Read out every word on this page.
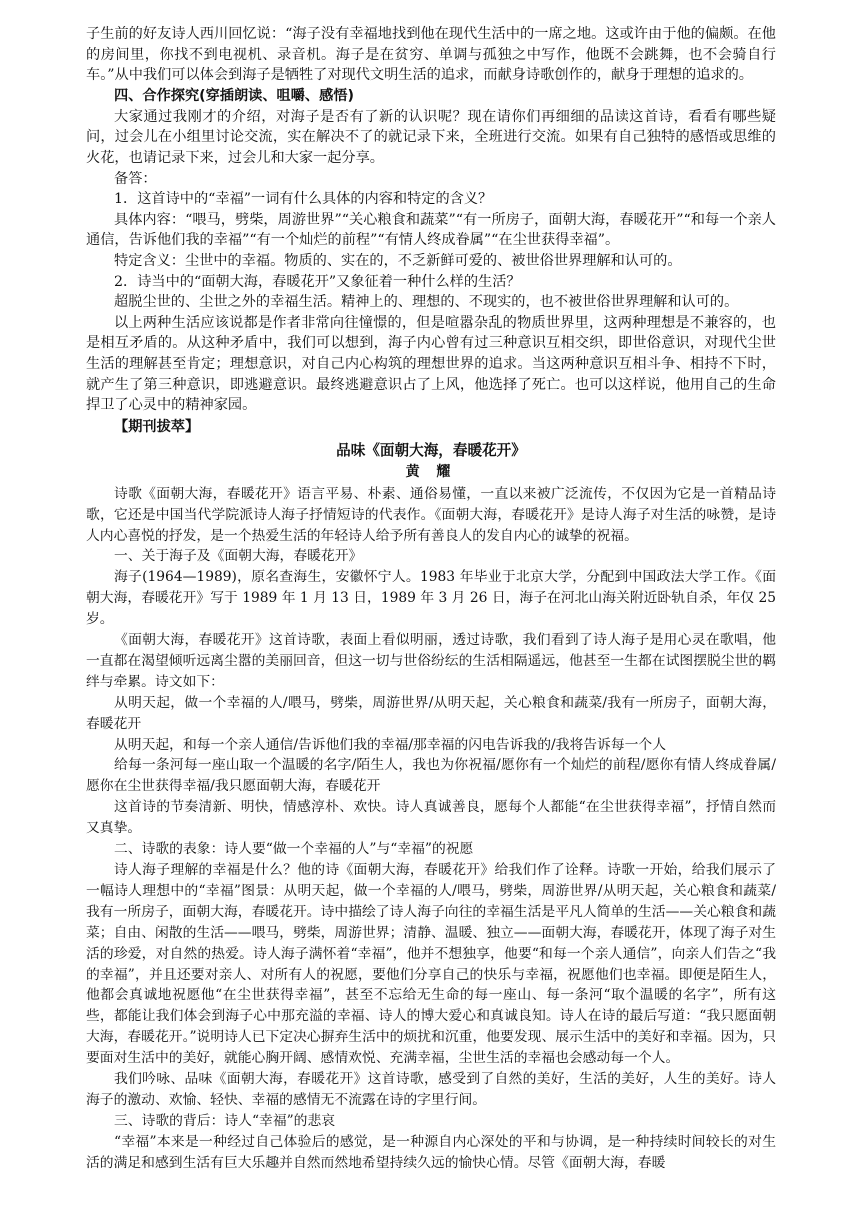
子生前的好友诗人西川回忆说：“海子没有幸福地找到他在现代生活中的一席之地。这或许由于他的偏颇。在他的房间里，你找不到电视机、录音机。海子是在贫穷、单调与孤独之中写作，他既不会跳舞，也不会骑自行车。”从中我们可以体会到海子是牺牲了对现代文明生活的追求，而献身诗歌创作的，献身于理想的追求的。

四、合作探究(穿插朗读、咀嚼、感悟)

大家通过我刚才的介绍，对海子是否有了新的认识呢？现在请你们再细细的品读这首诗，看看有哪些疑问，过会儿在小组里讨论交流，实在解决不了的就记录下来，全班进行交流。如果有自己独特的感悟或思维的火花，也请记录下来，过会儿和大家一起分享。

备答：

1．这首诗中的“幸福”一词有什么具体的内容和特定的含义？

具体内容：“喂马，劈柴，周游世界”“关心粮食和蔬菜”“有一所房子，面朝大海，春暖花开”“和每一个亲人通信，告诉他们我的幸福”“有一个灿烂的前程”“有情人终成眷属”“在尘世获得幸福”。

特定含义：尘世中的幸福。物质的、实在的，不乏新鲜可爱的、被世俗世界理解和认可的。

2．诗当中的“面朝大海，春暖花开”又象征着一种什么样的生活？

超脱尘世的、尘世之外的幸福生活。精神上的、理想的、不现实的，也不被世俗世界理解和认可的。

以上两种生活应该说都是作者非常向往憧憬的，但是喧嚣杂乱的物质世界里，这两种理想是不兼容的，也是相互矛盾的。从这种矛盾中，我们可以想到，海子内心曾有过三种意识互相交织，即世俗意识，对现代尘世生活的理解甚至肯定；理想意识，对自己内心构筑的理想世界的追求。当这两种意识互相斗争、相持不下时，就产生了第三种意识，即逃避意识。最终逃避意识占了上风，他选择了死亡。也可以这样说，他用自己的生命捍卫了心灵中的精神家园。

【期刊拔萃】

品味《面朝大海，春暖花开》

黄 耀

诗歌《面朝大海，春暖花开》语言平易、朴素、通俗易懂，一直以来被广泛流传，不仅因为它是一首精品诗歌，它还是中国当代学院派诗人海子抒情短诗的代表作。《面朝大海，春暖花开》是诗人海子对生活的咏赞，是诗人内心喜悦的抒发，是一个热爱生活的年轻诗人给予所有善良人的发自内心的诚挚的祝福。

一、关于海子及《面朝大海，春暖花开》

海子(1964—1989)，原名查海生，安徽怀宁人。1983 年毕业于北京大学，分配到中国政法大学工作。《面朝大海，春暖花开》写于 1989 年 1 月 13 日，1989 年 3 月 26 日，海子在河北山海关附近卧轨自杀，年仅 25 岁。

《面朝大海，春暖花开》这首诗歌，表面上看似明丽，透过诗歌，我们看到了诗人海子是用心灵在歌唱，他一直都在渴望倾听远离尘嚣的美丽回音，但这一切与世俗纷纭的生活相隔遥远，他甚至一生都在试图摆脱尘世的羁绊与牵累。诗文如下：

从明天起，做一个幸福的人/喂马，劈柴，周游世界/从明天起，关心粮食和蔬菜/我有一所房子，面朝大海，春暖花开

从明天起，和每一个亲人通信/告诉他们我的幸福/那幸福的闪电告诉我的/我将告诉每一个人

给每一条河每一座山取一个温暖的名字/陌生人，我也为你祝福/愿你有一个灿烂的前程/愿你有情人终成眷属/愿你在尘世获得幸福/我只愿面朝大海，春暖花开

这首诗的节奏清新、明快，情感淳朴、欢快。诗人真诚善良，愿每个人都能“在尘世获得幸福”，抒情自然而又真挚。

二、诗歌的表象：诗人要“做一个幸福的人”与“幸福”的祝愿

诗人海子理解的幸福是什么？他的诗《面朝大海，春暖花开》给我们作了诠释。诗歌一开始，给我们展示了一幅诗人理想中的“幸福”图景：从明天起，做一个幸福的人/喂马，劈柴，周游世界/从明天起，关心粮食和蔬菜/我有一所房子，面朝大海，春暖花开。诗中描绘了诗人海子向往的幸福生活是平凡人简单的生活——关心粮食和蔬菜；自由、闲散的生活——喂马，劈柴，周游世界；清静、温暖、独立——面朝大海，春暖花开，体现了海子对生活的珍爱，对自然的热爱。诗人海子满怀着“幸福”，他并不想独享，他要“和每一个亲人通信”，向亲人们告之“我的幸福”，并且还要对亲人、对所有人的祝愿，要他们分享自己的快乐与幸福，祝愿他们也幸福。即便是陌生人，他都会真诚地祝愿他“在尘世获得幸福”，甚至不忘给无生命的每一座山、每一条河“取个温暖的名字”，所有这些，都能让我们体会到海子心中那充溢的幸福、诗人的博大爱心和真诚良知。诗人在诗的最后写道：“我只愿面朝大海，春暖花开。”说明诗人已下定决心摒弃生活中的烦扰和沉重，他要发现、展示生活中的美好和幸福。因为，只要面对生活中的美好，就能心胸开阔、感情欢悦、充满幸福，尘世生活的幸福也会感动每一个人。

我们吟咏、品味《面朝大海，春暖花开》这首诗歌，感受到了自然的美好，生活的美好，人生的美好。诗人海子的激动、欢愉、轻快、幸福的感情无不流露在诗的字里行间。

三、诗歌的背后：诗人“幸福”的悲哀

“幸福”本来是一种经过自己体验后的感觉，是一种源自内心深处的平和与协调，是一种持续时间较长的对生活的满足和感到生活有巨大乐趣并自然而然地希望持续久远的愉快心情。尽管《面朝大海，春暖
